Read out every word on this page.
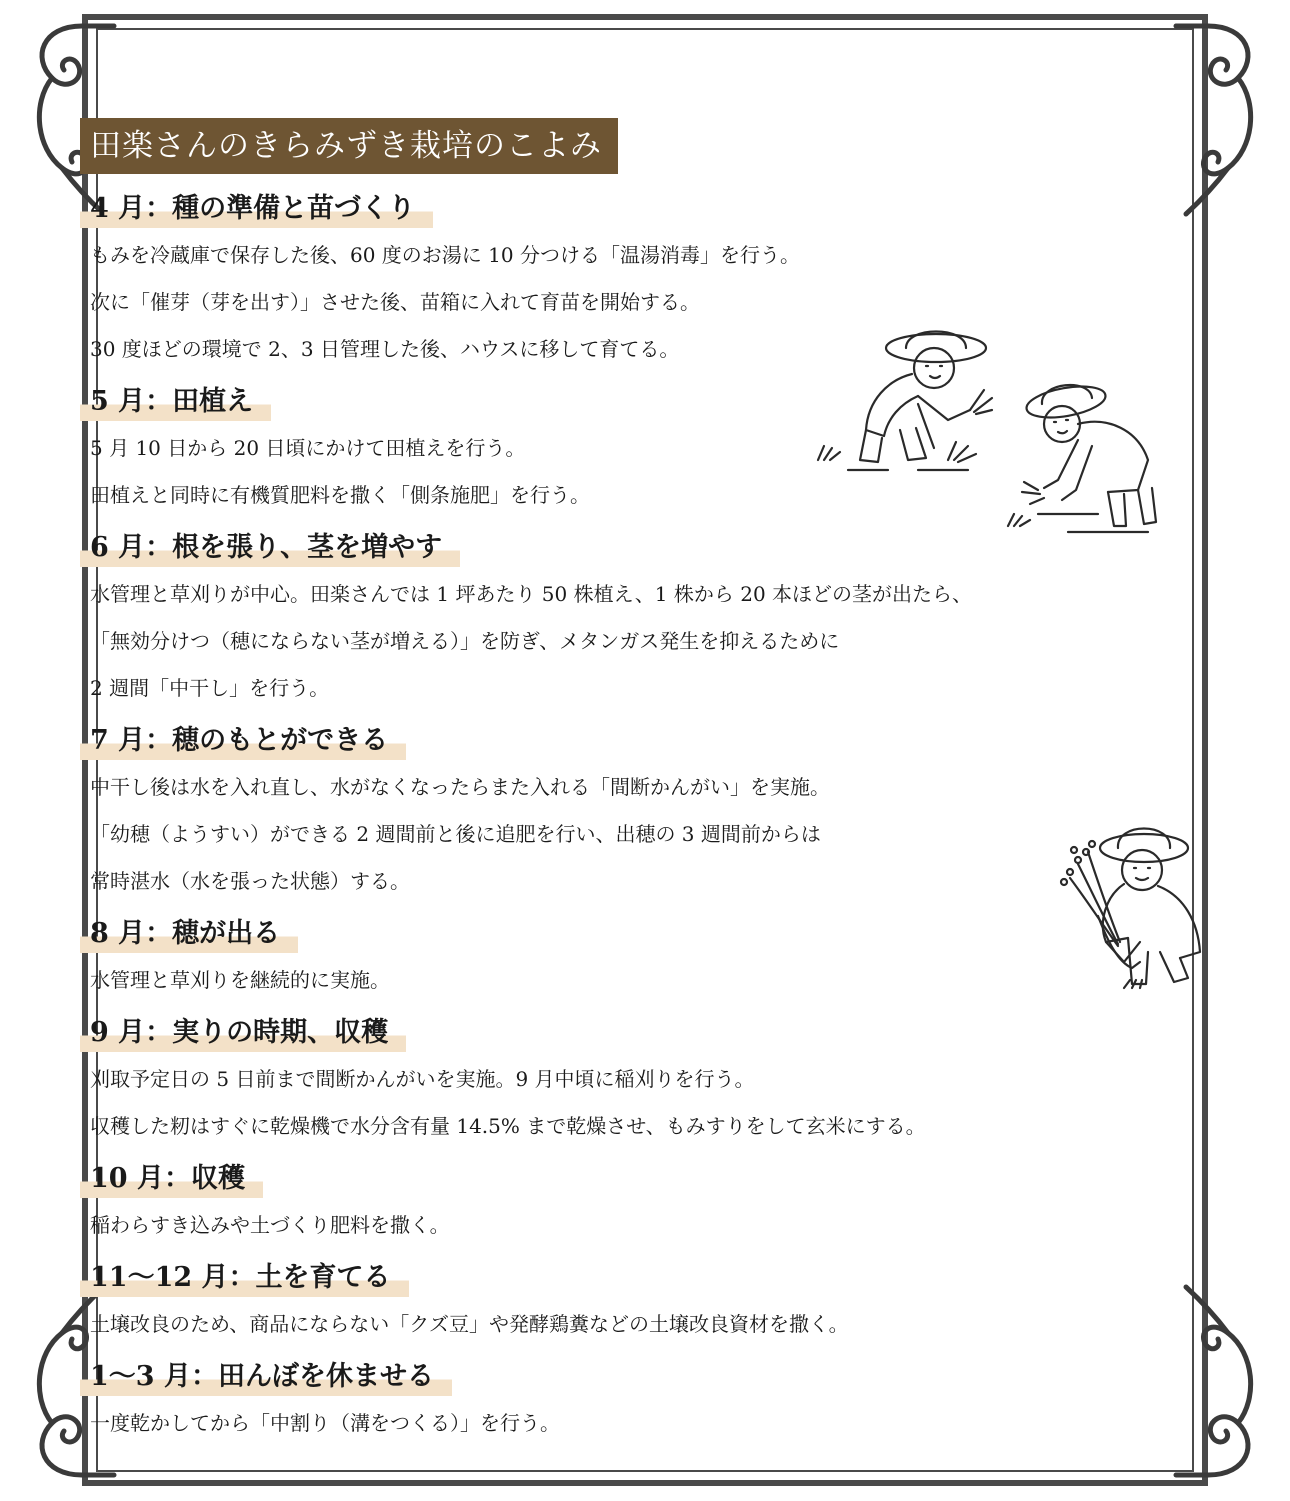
田楽さんのきらみずき栽培のこよみ
4 月：種の準備と苗づくり
もみを冷蔵庫で保存した後、60 度のお湯に 10 分つける「温湯消毒」を行う。
次に「催芽（芽を出す）」させた後、苗箱に入れて育苗を開始する。
30 度ほどの環境で 2、3 日管理した後、ハウスに移して育てる。
5 月：田植え
5 月 10 日から 20 日頃にかけて田植えを行う。
田植えと同時に有機質肥料を撒く「側条施肥」を行う。
6 月：根を張り、茎を増やす
水管理と草刈りが中心。田楽さんでは 1 坪あたり 50 株植え、1 株から 20 本ほどの茎が出たら、
「無効分けつ（穂にならない茎が増える）」を防ぎ、メタンガス発生を抑えるために
2 週間「中干し」を行う。
7 月：穂のもとができる
中干し後は水を入れ直し、水がなくなったらまた入れる「間断かんがい」を実施。
「幼穂（ようすい）ができる 2 週間前と後に追肥を行い、出穂の 3 週間前からは
常時湛水（水を張った状態）する。
8 月：穂が出る
水管理と草刈りを継続的に実施。
9 月：実りの時期、収穫
刈取予定日の 5 日前まで間断かんがいを実施。9 月中頃に稲刈りを行う。
収穫した籾はすぐに乾燥機で水分含有量 14.5% まで乾燥させ、もみすりをして玄米にする。
10 月：収穫
稲わらすき込みや土づくり肥料を撒く。
11～12 月：土を育てる
土壌改良のため、商品にならない「クズ豆」や発酵鶏糞などの土壌改良資材を撒く。
1～3 月：田んぼを休ませる
一度乾かしてから「中割り（溝をつくる）」を行う。
